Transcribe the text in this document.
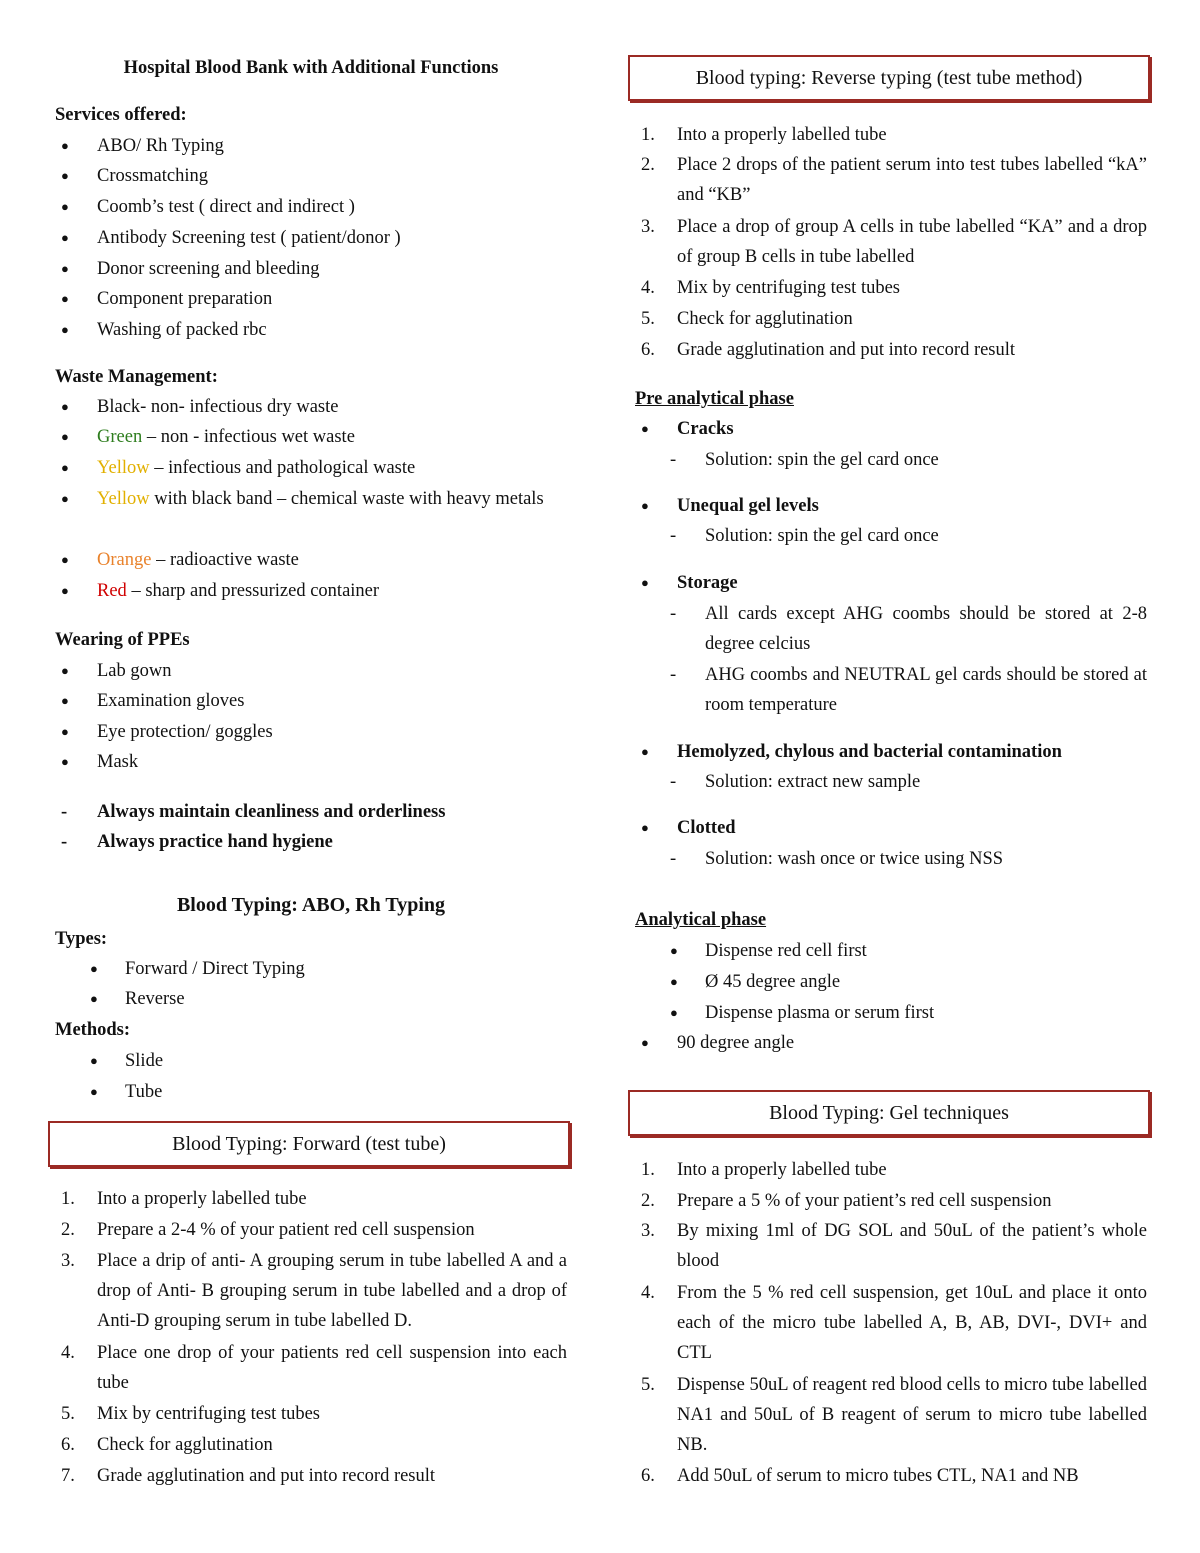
Hospital Blood Bank with Additional Functions
Services offered:
● ABO/ Rh Typing
● Crossmatching
● Coomb’s test ( direct and indirect )
● Antibody Screening test ( patient/donor )
● Donor screening and bleeding
● Component preparation
● Washing of packed rbc
Waste Management:
● Black- non- infectious dry waste
● Green – non - infectious wet waste
● Yellow – infectious and pathological waste
● Yellow with black band – chemical waste with heavy metals
● Orange – radioactive waste
● Red – sharp and pressurized container
Wearing of PPEs
● Lab gown
● Examination gloves
● Eye protection/ goggles
● Mask
- Always maintain cleanliness and orderliness
- Always practice hand hygiene
Blood Typing: ABO, Rh Typing
Types:
● Forward / Direct Typing
● Reverse
Methods:
● Slide
● Tube
Blood Typing: Forward (test tube)
1. Into a properly labelled tube
2. Prepare a 2-4 % of your patient red cell suspension
3. Place a drip of anti- A grouping serum in tube labelled A and a drop of Anti- B grouping serum in tube labelled and a drop of Anti-D grouping serum in tube labelled D.
4. Place one drop of your patients red cell suspension into each tube
5. Mix by centrifuging test tubes
6. Check for agglutination
7. Grade agglutination and put into record result
Blood typing: Reverse typing (test tube method)
1. Into a properly labelled tube
2. Place 2 drops of the patient serum into test tubes labelled “kA” and “KB”
3. Place a drop of group A cells in tube labelled “KA” and a drop of group B cells in tube labelled
4. Mix by centrifuging test tubes
5. Check for agglutination
6. Grade agglutination and put into record result
Pre analytical phase
● Cracks
- Solution: spin the gel card once
● Unequal gel levels
- Solution: spin the gel card once
● Storage
- All cards except AHG coombs should be stored at 2-8 degree celcius
- AHG coombs and NEUTRAL gel cards should be stored at room temperature
● Hemolyzed, chylous and bacterial contamination
- Solution: extract new sample
● Clotted
- Solution: wash once or twice using NSS
Analytical phase
● Dispense red cell first
● Ø 45 degree angle
● Dispense plasma or serum first
● 90 degree angle
Blood Typing: Gel techniques
1. Into a properly labelled tube
2. Prepare a 5 % of your patient’s red cell suspension
3. By mixing 1ml of DG SOL and 50uL of the patient’s whole blood
4. From the 5 % red cell suspension, get 10uL and place it onto each of the micro tube labelled A, B, AB, DVI-, DVI+ and CTL
5. Dispense 50uL of reagent red blood cells to micro tube labelled NA1 and 50uL of B reagent of serum to micro tube labelled NB.
6. Add 50uL of serum to micro tubes CTL, NA1 and NB
